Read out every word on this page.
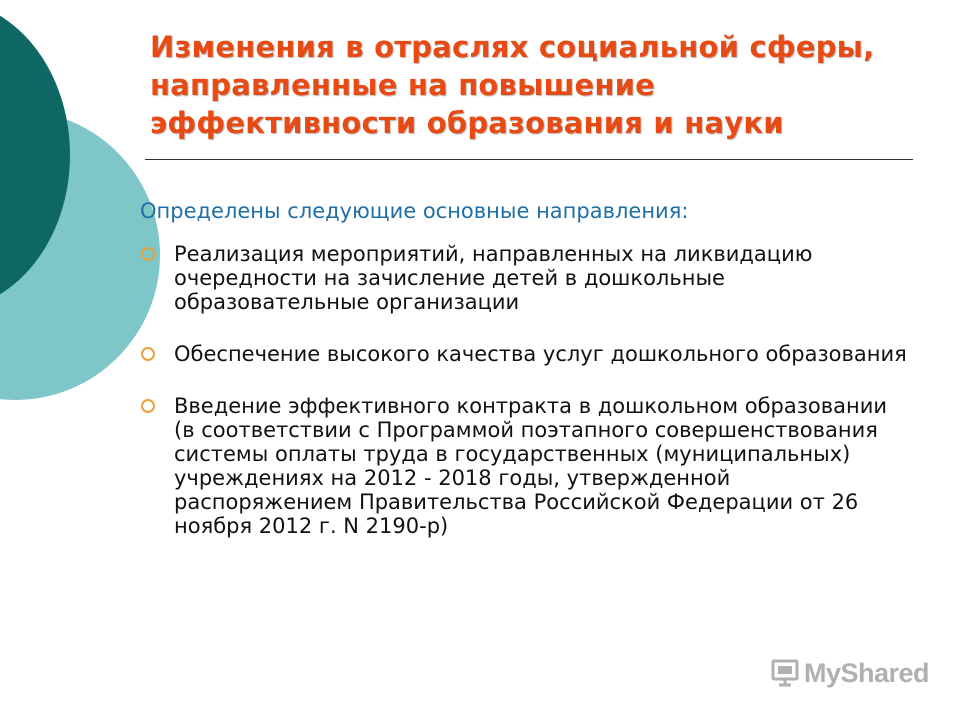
Изменения в отраслях социальной сферы, направленные на повышение эффективности образования и науки
Определены следующие основные направления:
Реализация мероприятий, направленных на ликвидацию очередности на зачисление детей в дошкольные образовательные организации
Обеспечение высокого качества услуг дошкольного образования
Введение эффективного контракта в дошкольном образовании (в соответствии с Программой поэтапного совершенствования системы оплаты труда в государственных (муниципальных) учреждениях на 2012 - 2018 годы, утвержденной распоряжением Правительства Российской Федерации от 26 ноября 2012 г. N 2190-р)
MyShared
